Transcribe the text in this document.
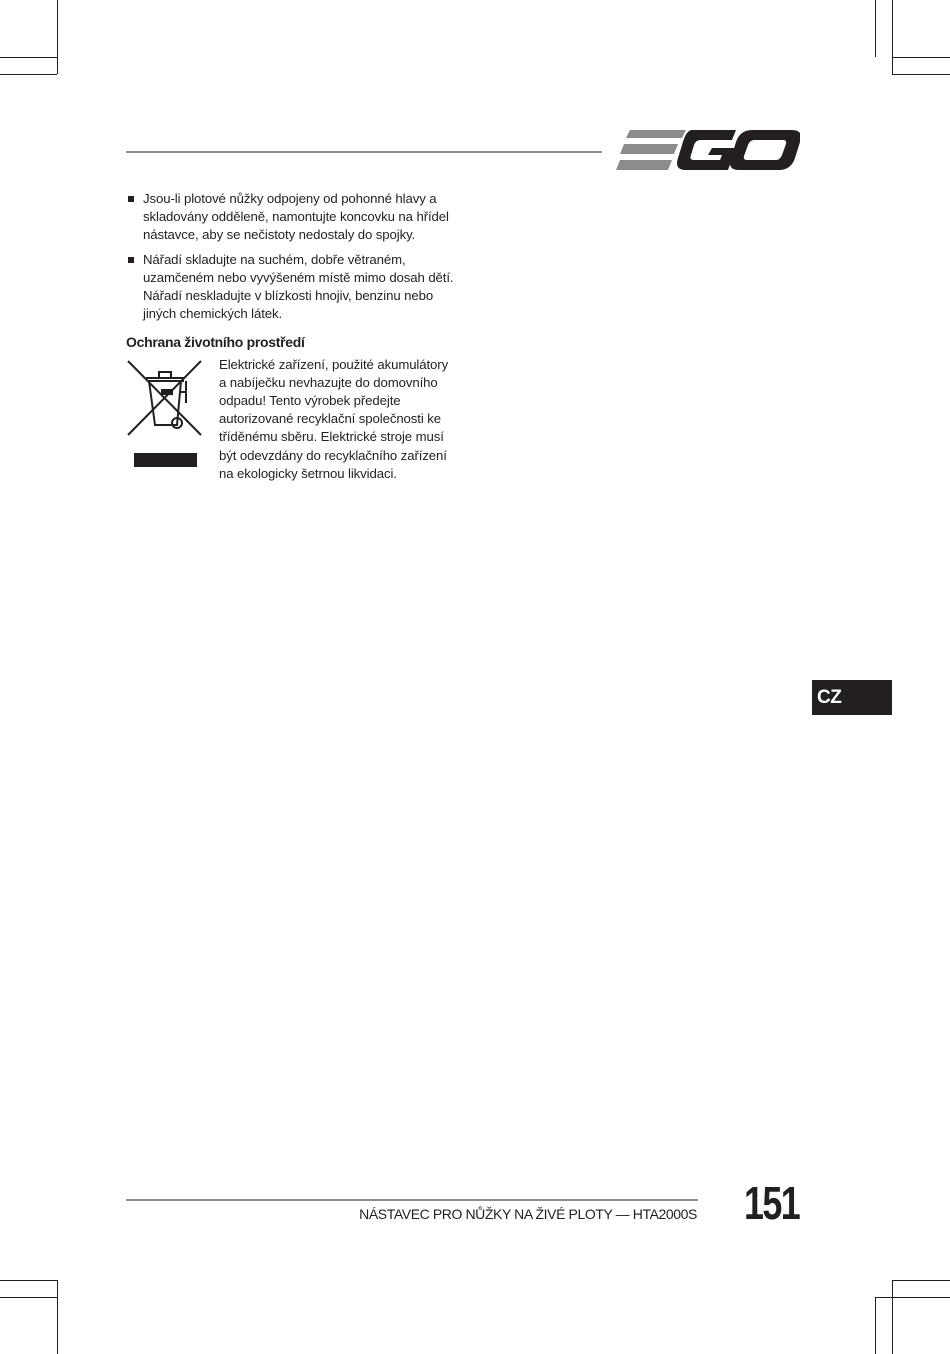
Jsou-li plotové nůžky odpojeny od pohonné hlavy a skladovány odděleně, namontujte koncovku na hřídel nástavce, aby se nečistoty nedostaly do spojky.
Nářadí skladujte na suchém, dobře větraném, uzamčeném nebo vyvýšeném místě mimo dosah dětí. Nářadí neskladujte v blízkosti hnojiv, benzinu nebo jiných chemických látek.
Ochrana životního prostředí
Elektrické zařízení, použité akumulátory a nabíječku nevhazujte do domovního odpadu! Tento výrobek předejte autorizované recyklační společnosti ke tříděnému sběru. Elektrické stroje musí být odevzdány do recyklačního zařízení na ekologicky šetrnou likvidaci.
CZ
NÁSTAVEC PRO NŮŽKY NA ŽIVÉ PLOTY — HTA2000S 151
